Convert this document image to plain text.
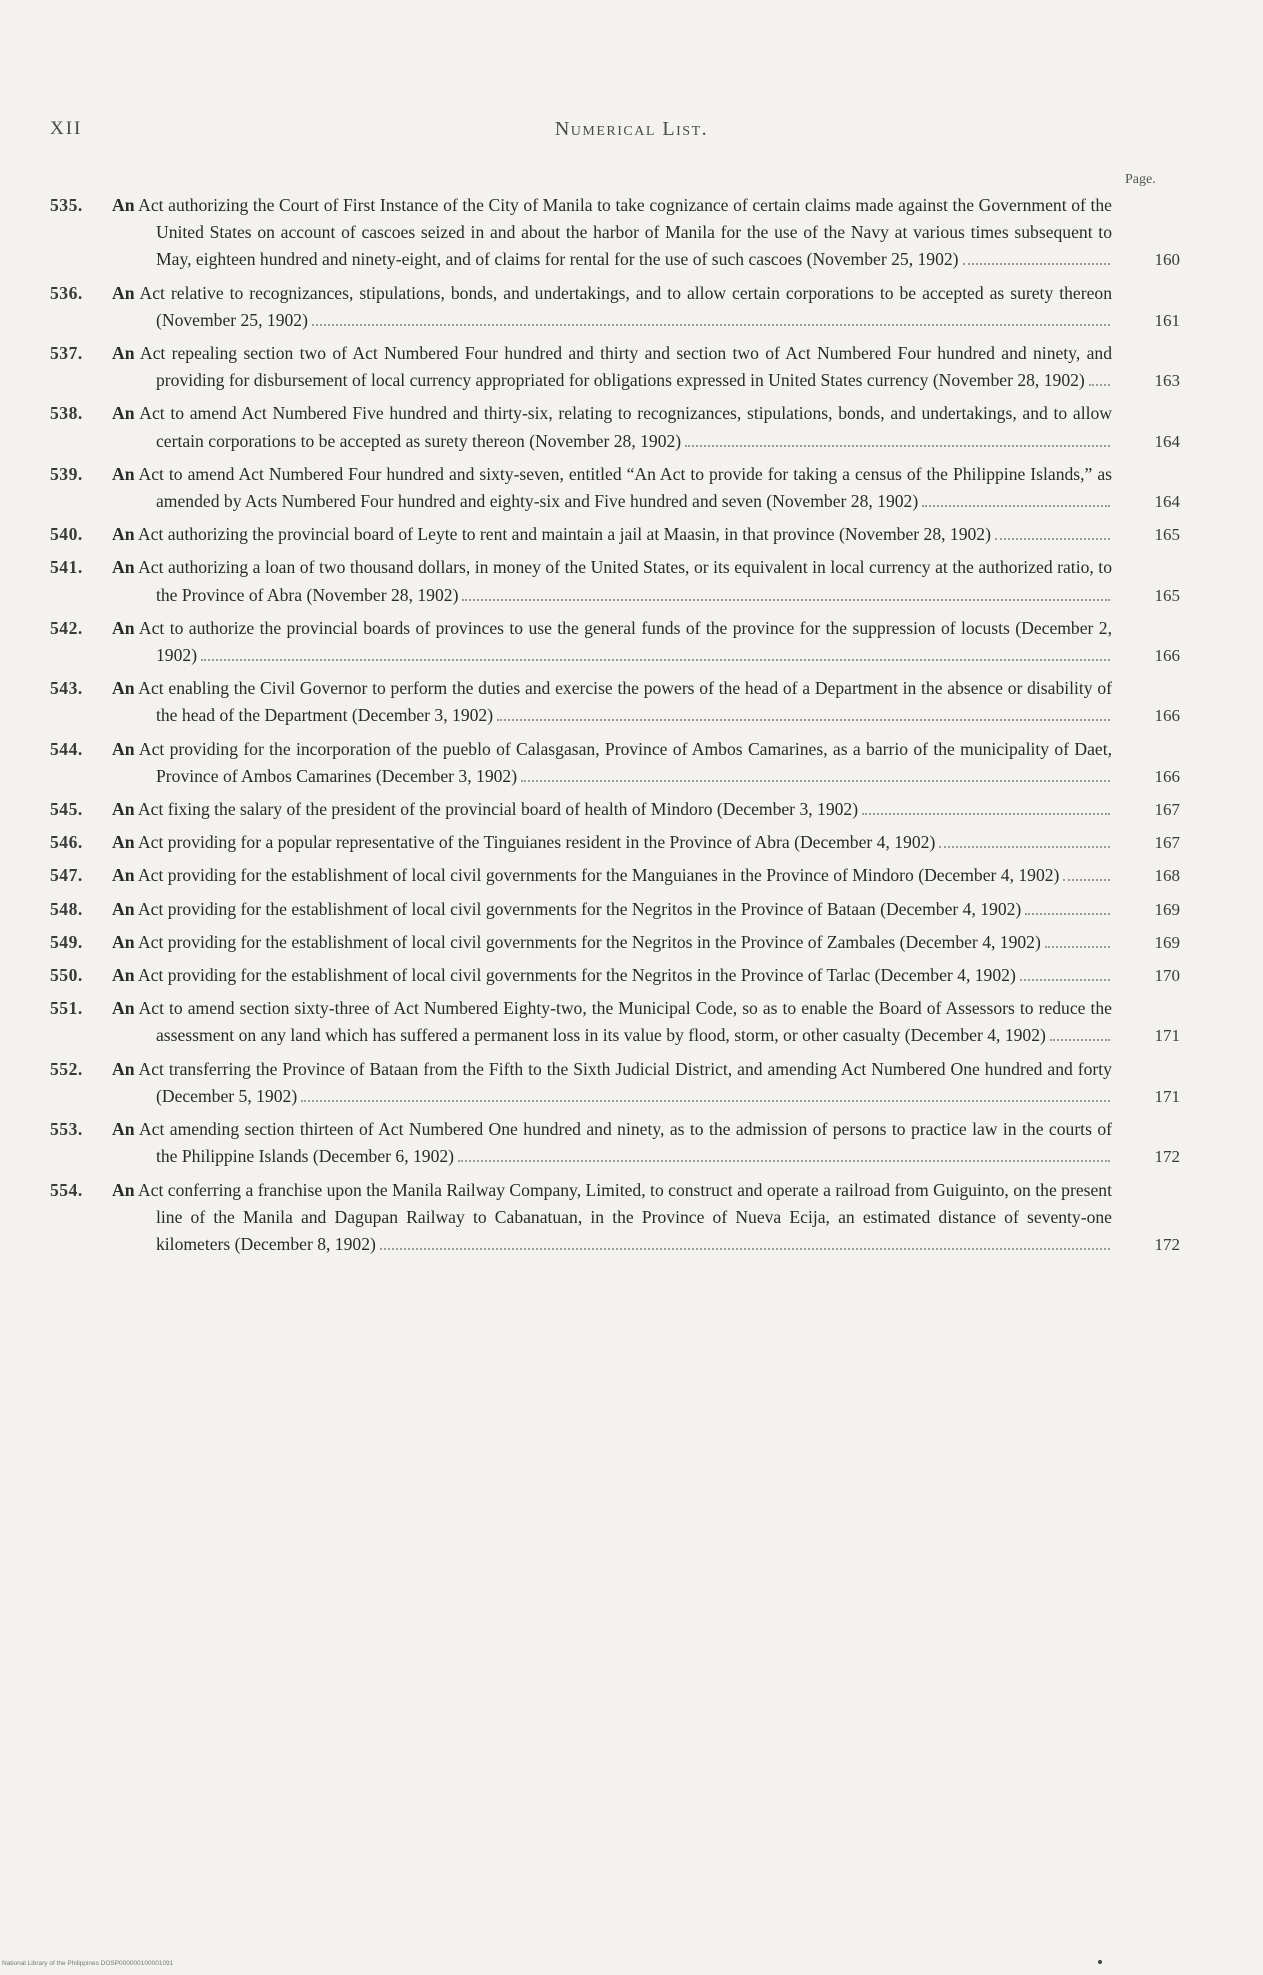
XII	Numerical List.
Page.
535.	An Act authorizing the Court of First Instance of the City of Manila to take cognizance of certain claims made against the Government of the United States on account of cascoes seized in and about the harbor of Manila for the use of the Navy at various times subsequent to May, eighteen hundred and ninety-eight, and of claims for rental for the use of such cascoes (November 25, 1902)	160
536.	An Act relative to recognizances, stipulations, bonds, and undertakings, and to allow certain corporations to be accepted as surety thereon (November 25, 1902)	161
537.	An Act repealing section two of Act Numbered Four hundred and thirty and section two of Act Numbered Four hundred and ninety, and providing for disbursement of local currency appropriated for obligations expressed in United States currency (November 28, 1902)	163
538.	An Act to amend Act Numbered Five hundred and thirty-six, relating to recognizances, stipulations, bonds, and undertakings, and to allow certain corporations to be accepted as surety thereon (November 28, 1902)	164
539.	An Act to amend Act Numbered Four hundred and sixty-seven, entitled “An Act to provide for taking a census of the Philippine Islands,” as amended by Acts Numbered Four hundred and eighty-six and Five hundred and seven (November 28, 1902)	164
540.	An Act authorizing the provincial board of Leyte to rent and maintain a jail at Maasin, in that province (November 28, 1902)	165
541.	An Act authorizing a loan of two thousand dollars, in money of the United States, or its equivalent in local currency at the authorized ratio, to the Province of Abra (November 28, 1902)	165
542.	An Act to authorize the provincial boards of provinces to use the general funds of the province for the suppression of locusts (December 2, 1902)	166
543.	An Act enabling the Civil Governor to perform the duties and exercise the powers of the head of a Department in the absence or disability of the head of the Department (December 3, 1902)	166
544.	An Act providing for the incorporation of the pueblo of Calasgasan, Province of Ambos Camarines, as a barrio of the municipality of Daet, Province of Ambos Camarines (December 3, 1902)	166
545.	An Act fixing the salary of the president of the provincial board of health of Mindoro (December 3, 1902)	167
546.	An Act providing for a popular representative of the Tinguianes resident in the Province of Abra (December 4, 1902)	167
547.	An Act providing for the establishment of local civil governments for the Manguianes in the Province of Mindoro (December 4, 1902)	168
548.	An Act providing for the establishment of local civil governments for the Negritos in the Province of Bataan (December 4, 1902)	169
549.	An Act providing for the establishment of local civil governments for the Negritos in the Province of Zambales (December 4, 1902)	169
550.	An Act providing for the establishment of local civil governments for the Negritos in the Province of Tarlac (December 4, 1902)	170
551.	An Act to amend section sixty-three of Act Numbered Eighty-two, the Municipal Code, so as to enable the Board of Assessors to reduce the assessment on any land which has suffered a permanent loss in its value by flood, storm, or other casualty (December 4, 1902)	171
552.	An Act transferring the Province of Bataan from the Fifth to the Sixth Judicial District, and amending Act Numbered One hundred and forty (December 5, 1902)	171
553.	An Act amending section thirteen of Act Numbered One hundred and ninety, as to the admission of persons to practice law in the courts of the Philippine Islands (December 6, 1902)	172
554.	An Act conferring a franchise upon the Manila Railway Company, Limited, to construct and operate a railroad from Guiguinto, on the present line of the Manila and Dagupan Railway to Cabanatuan, in the Province of Nueva Ecija, an estimated distance of seventy-one kilometers (December 8, 1902)	172
National Library of the Philippines DOSP000000100001091
